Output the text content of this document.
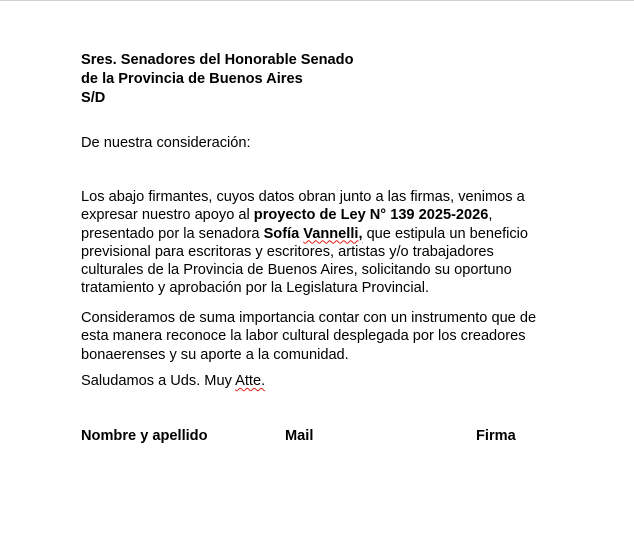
Sres. Senadores del Honorable Senado
de la Provincia de Buenos Aires
S/D
De nuestra consideración:
Los abajo firmantes, cuyos datos obran junto a las firmas, venimos a
expresar nuestro apoyo al proyecto de Ley N° 139 2025-2026,
presentado por la senadora Sofía Vannelli, que estipula un beneficio
previsional para escritoras y escritores, artistas y/o trabajadores
culturales de la Provincia de Buenos Aires, solicitando su oportuno
tratamiento y aprobación por la Legislatura Provincial.
Consideramos de suma importancia contar con un instrumento que de
esta manera reconoce la labor cultural desplegada por los creadores
bonaerenses y su aporte a la comunidad.
Saludamos a Uds. Muy Atte.
Nombre y apellido	Mail	Firma
